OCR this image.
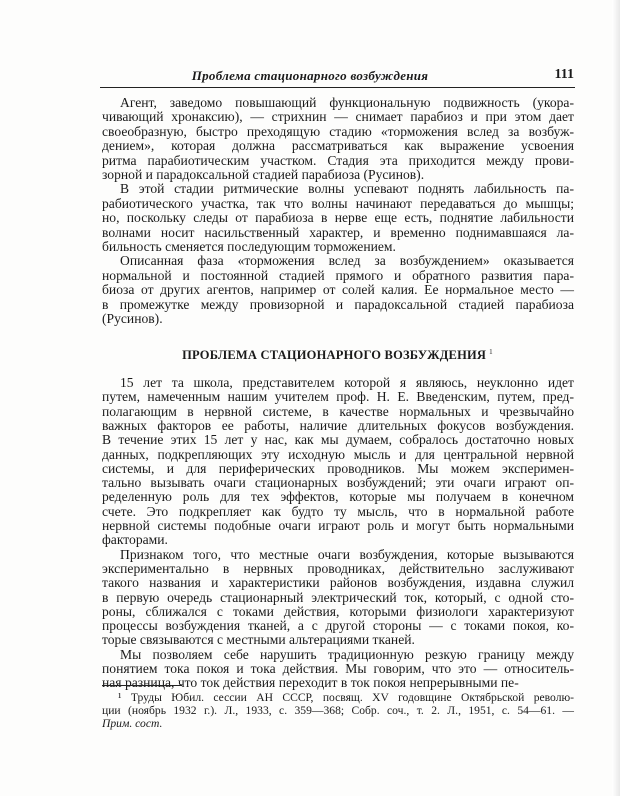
Проблема стационарного возбуждения	111
Агент, заведомо повышающий функциональную подвижность (укора-
чивающий хронаксию), — стрихнин — снимает парабиоз и при этом дает
своеобразную, быстро преходящую стадию «торможения вслед за возбуж-
дением», которая должна рассматриваться как выражение усвоения
ритма парабиотическим участком. Стадия эта приходится между прови-
зорной и парадоксальной стадией парабиоза (Русинов).
В этой стадии ритмические волны успевают поднять лабильность па-
рабиотического участка, так что волны начинают передаваться до мышцы;
но, поскольку следы от парабиоза в нерве еще есть, поднятие лабильности
волнами носит насильственный характер, и временно поднимавшаяся ла-
бильность сменяется последующим торможением.
Описанная фаза «торможения вслед за возбуждением» оказывается
нормальной и постоянной стадией прямого и обратного развития пара-
биоза от других агентов, например от солей калия. Ее нормальное место —
в промежутке между провизорной и парадоксальной стадией парабиоза
(Русинов).
ПРОБЛЕМА СТАЦИОНАРНОГО ВОЗБУЖДЕНИЯ $^1$
15 лет та школа, представителем которой я являюсь, неуклонно идет
путем, намеченным нашим учителем проф. Н. Е. Введенским, путем, пред-
полагающим в нервной системе, в качестве нормальных и чрезвычайно
важных факторов ее работы, наличие длительных фокусов возбуждения.
В течение этих 15 лет у нас, как мы думаем, собралось достаточно новых
данных, подкрепляющих эту исходную мысль и для центральной нервной
системы, и для периферических проводников. Мы можем эксперимен-
тально вызывать очаги стационарных возбуждений; эти очаги играют оп-
ределенную роль для тех эффектов, которые мы получаем в конечном
счете. Это подкрепляет как будто ту мысль, что в нормальной работе
нервной системы подобные очаги играют роль и могут быть нормальными
факторами.
Признаком того, что местные очаги возбуждения, которые вызываются
экспериментально в нервных проводниках, действительно заслуживают
такого названия и характеристики районов возбуждения, издавна служил
в первую очередь стационарный электрический ток, который, с одной сто-
роны, сближался с токами действия, которыми физиологи характеризуют
процессы возбуждения тканей, а с другой стороны — с токами покоя, ко-
торые связываются с местными альтерациями тканей.
Мы позволяем себе нарушить традиционную резкую границу между
понятием тока покоя и тока действия. Мы говорим, что это — относитель-
ная разница, что ток действия переходит в ток покоя непрерывными пе-
¹ Труды Юбил. сессии АН СССР, посвящ. XV годовщине Октябрьской револю-
ции (ноябрь 1932 г.). Л., 1933, с. 359—368; Собр. соч., т. 2. Л., 1951, с. 54—61. —
Прим. сост.
